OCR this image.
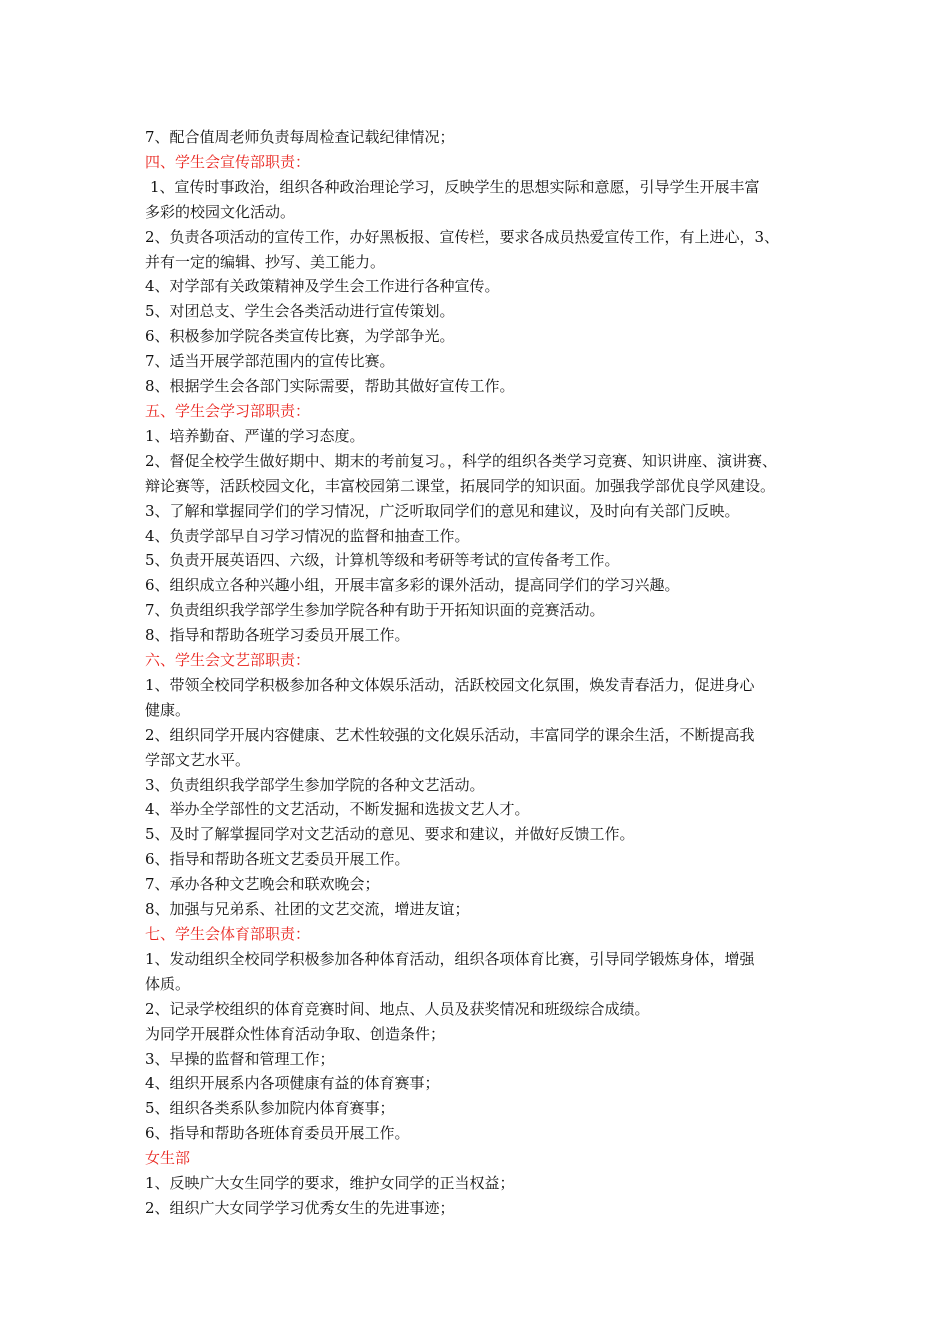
7、配合值周老师负责每周检查记载纪律情况；

四、学生会宣传部职责：

1、宣传时事政治，组织各种政治理论学习，反映学生的思想实际和意愿，引导学生开展丰富

多彩的校园文化活动。

2、负责各项活动的宣传工作，办好黑板报、宣传栏，要求各成员热爱宣传工作，有上进心，3、

并有一定的编辑、抄写、美工能力。

4、对学部有关政策精神及学生会工作进行各种宣传。

5、对团总支、学生会各类活动进行宣传策划。

6、积极参加学院各类宣传比赛，为学部争光。

7、适当开展学部范围内的宣传比赛。

8、根据学生会各部门实际需要，帮助其做好宣传工作。

五、学生会学习部职责：

1、培养勤奋、严谨的学习态度。

2、督促全校学生做好期中、期末的考前复习。，科学的组织各类学习竞赛、知识讲座、演讲赛、

辩论赛等，活跃校园文化，丰富校园第二课堂，拓展同学的知识面。加强我学部优良学风建设。

3、了解和掌握同学们的学习情况，广泛听取同学们的意见和建议，及时向有关部门反映。

4、负责学部早自习学习情况的监督和抽查工作。

5、负责开展英语四、六级，计算机等级和考研等考试的宣传备考工作。

6、组织成立各种兴趣小组，开展丰富多彩的课外活动，提高同学们的学习兴趣。

7、负责组织我学部学生参加学院各种有助于开拓知识面的竞赛活动。

8、指导和帮助各班学习委员开展工作。

六、学生会文艺部职责：

1、带领全校同学积极参加各种文体娱乐活动，活跃校园文化氛围，焕发青春活力，促进身心

健康。

2、组织同学开展内容健康、艺术性较强的文化娱乐活动，丰富同学的课余生活，不断提高我

学部文艺水平。

3、负责组织我学部学生参加学院的各种文艺活动。

4、举办全学部性的文艺活动，不断发掘和选拔文艺人才。

5、及时了解掌握同学对文艺活动的意见、要求和建议，并做好反馈工作。

6、指导和帮助各班文艺委员开展工作。

7、承办各种文艺晚会和联欢晚会；

8、加强与兄弟系、社团的文艺交流，增进友谊；

七、学生会体育部职责：

1、发动组织全校同学积极参加各种体育活动，组织各项体育比赛，引导同学锻炼身体，增强

体质。

2、记录学校组织的体育竞赛时间、地点、人员及获奖情况和班级综合成绩。

为同学开展群众性体育活动争取、创造条件；

3、早操的监督和管理工作；

4、组织开展系内各项健康有益的体育赛事；

5、组织各类系队参加院内体育赛事；

6、指导和帮助各班体育委员开展工作。

女生部

1、反映广大女生同学的要求，维护女同学的正当权益；

2、组织广大女同学学习优秀女生的先进事迹；
